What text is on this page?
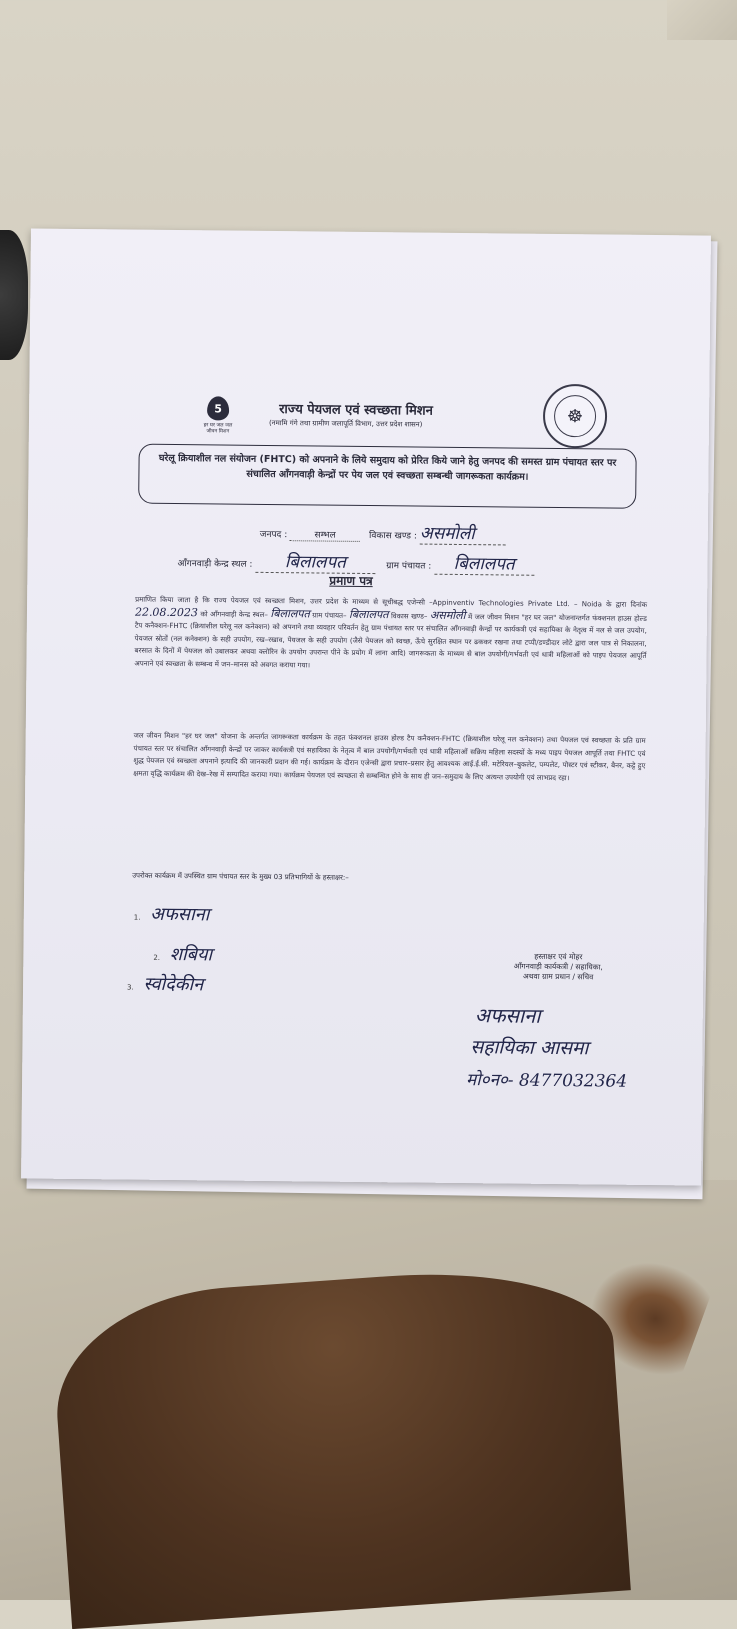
5
हर घर जल जल जीवन मिशन
राज्य पेयजल एवं स्वच्छता मिशन
(नमामि गंगे तथा ग्रामीण जलापूर्ति विभाग, उत्तर प्रदेश शासन)	☸
घरेलू क्रियाशील नल संयोजन (FHTC) को अपनाने के लिये समुदाय को प्रेरित किये जाने हेतु जनपद की समस्त ग्राम पंचायत स्तर पर संचालित आँगनवाड़ी केन्द्रों पर पेय जल एवं स्वच्छता सम्बन्धी जागरूकता कार्यक्रम।
जनपद :	सम्भल	विकास खण्ड : असमोली
आँगनवाड़ी केन्द्र स्थल : बिलालपत	ग्राम पंचायत : बिलालपत
प्रमाण पत्र
प्रमाणित किया जाता है कि राज्य पेयजल एवं स्वच्छता मिशन, उत्तर प्रदेश के माध्यम से सूचीबद्ध एजेन्सी –Appinventiv Technologies Private Ltd. – Noida के द्वारा दिनांक 22.08.2023 को आँगनवाड़ी केन्द्र स्थल– बिलालपत ग्राम पंचायत– बिलालपत विकास खण्ड– असमोली में जल जीवन मिशन "हर घर जल" योजनान्तर्गत फंक्शनल हाउस होल्ड टैप कनैक्शन-FHTC (क्रियाशील घरेलू नल कनेक्शन) को अपनाने तथा व्यवहार परिवर्तन हेतु ग्राम पंचायत स्तर पर संचालित आँगनवाड़ी केन्द्रों पर कार्यकत्री एवं सहायिका के नेतृत्व में नल से जल उपयोग, पेयजल स्रोतों (नल कनेक्शन) के सही उपयोग, रख–रखाव, पेयजल के सही उपयोग (जैसे पेयजल को स्वच्छ, ऊँचे सुरक्षित स्थान पर ढककर रखना तथा टप्पी/डण्डीदार लोटे द्वारा जल पात्र से निकालना, बरसात के दिनों में पेयजल को उबालकर अथवा क्लोरिन के उपयोग उपरान्त पीने के प्रयोग में लाना आदि) जागरूकता के माध्यम से बाल उपयोगी/गर्भवती एवं धात्री महिलाओं को पाइप पेयजल आपूर्ति अपनाने एवं स्वच्छता के सम्बन्ध में जन–मानस को अवगत कराया गया।
जल जीवन मिशन "हर घर जल" योजना के अन्तर्गत जागरूकता कार्यक्रम के तहत फंक्शनल हाउस होल्ड टैप कनैक्शन-FHTC (क्रियाशील घरेलू नल कनेक्शन) तथा पेयजल एवं स्वच्छता के प्रति ग्राम पंचायत स्तर पर संचालित आँगनवाड़ी केन्द्रों पर जाकर कार्यकत्री एवं सहायिका के नेतृत्व में बाल उपयोगी/गर्भवती एवं धात्री महिलाओं सक्रिय महिला सदस्यों के मध्य पाइप पेयजल आपूर्ति तथा FHTC एवं शुद्ध पेयजल एवं स्वच्छता अपनाने इत्यादि की जानकारी प्रदान की गई। कार्यक्रम के दौरान एजेन्सी द्वारा प्रचार–प्रसार हेतु आवश्यक आई.ई.सी. मटेरियल–बुकलेट, पम्पलेट, पोस्टर एवं स्टीकर, बैनर, कट्टे हुए क्षमता वृद्धि कार्यक्रम की देख–रेख में सम्पादित कराया गया। कार्यक्रम पेयजल एवं स्वच्छता से सम्बन्धित होने के साथ ही जन–समुदाय के लिए अत्यन्त उपयोगी एवं लाभप्रद रहा।
उपरोक्त कार्यक्रम में उपस्थित ग्राम पंचायत स्तर के मुख्य 03 प्रतिभागियों के हस्ताक्षर:–
1. अफसाना
2. शबिया
3. स्वोदेकीन
हस्ताक्षर एवं मोहर
आँगनवाड़ी कार्यकत्री / सहायिका,
अथवा ग्राम प्रधान / सचिव
अफसाना
सहायिका आसमा
मो०न०- 8477032364
